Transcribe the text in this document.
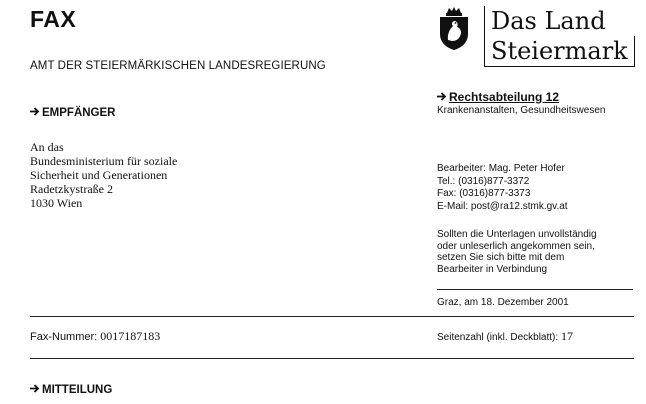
FAX
AMT DER STEIERMÄRKISCHEN LANDESREGIERUNG
Das Land
Steiermark
EMPFÄNGER
An das
Bundesministerium für soziale
Sicherheit und Generationen
Radetzkystraße 2
1030 Wien
Rechtsabteilung 12
Krankenanstalten, Gesundheitswesen
Bearbeiter: Mag. Peter Hofer
Tel.: (0316)877-3372
Fax: (0316)877-3373
E-Mail: post@ra12.stmk.gv.at
Sollten die Unterlagen unvollständig
oder unleserlich angekommen sein,
setzen Sie sich bitte mit dem
Bearbeiter in Verbindung
Graz, am 18. Dezember 2001
Fax-Nummer: 0017187183	Seitenzahl (inkl. Deckblatt): 17
MITTEILUNG
